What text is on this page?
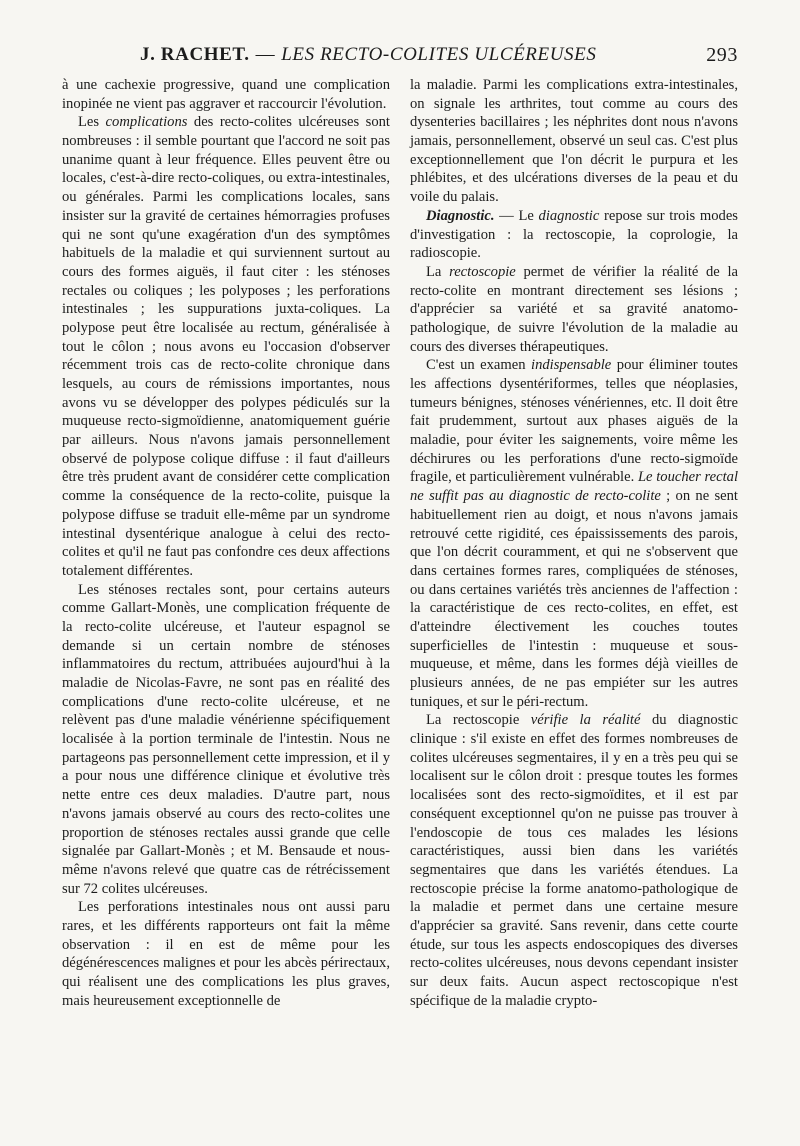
J. RACHET. — LES RECTO-COLITES ULCÉREUSES	293

à une cachexie progressive, quand une complication inopinée ne vient pas aggraver et raccourcir l'évolution.

Les complications des recto-colites ulcéreuses sont nombreuses : il semble pourtant que l'accord ne soit pas unanime quant à leur fréquence. Elles peuvent être ou locales, c'est-à-dire recto-coliques, ou extra-intestinales, ou générales. Parmi les complications locales, sans insister sur la gravité de certaines hémorragies profuses qui ne sont qu'une exagération d'un des symptômes habituels de la maladie et qui surviennent surtout au cours des formes aiguës, il faut citer : les sténoses rectales ou coliques ; les polyposes ; les perforations intestinales ; les suppurations juxta-coliques. La polypose peut être localisée au rectum, généralisée à tout le côlon ; nous avons eu l'occasion d'observer récemment trois cas de recto-colite chronique dans lesquels, au cours de rémissions importantes, nous avons vu se développer des polypes pédiculés sur la muqueuse recto-sigmoïdienne, anatomiquement guérie par ailleurs. Nous n'avons jamais personnellement observé de polypose colique diffuse : il faut d'ailleurs être très prudent avant de considérer cette complication comme la conséquence de la recto-colite, puisque la polypose diffuse se traduit elle-même par un syndrome intestinal dysentérique analogue à celui des recto-colites et qu'il ne faut pas confondre ces deux affections totalement différentes.

Les sténoses rectales sont, pour certains auteurs comme Gallart-Monès, une complication fréquente de la recto-colite ulcéreuse, et l'auteur espagnol se demande si un certain nombre de sténoses inflammatoires du rectum, attribuées aujourd'hui à la maladie de Nicolas-Favre, ne sont pas en réalité des complications d'une recto-colite ulcéreuse, et ne relèvent pas d'une maladie vénérienne spécifiquement localisée à la portion terminale de l'intestin. Nous ne partageons pas personnellement cette impression, et il y a pour nous une différence clinique et évolutive très nette entre ces deux maladies. D'autre part, nous n'avons jamais observé au cours des recto-colites une proportion de sténoses rectales aussi grande que celle signalée par Gallart-Monès ; et M. Bensaude et nous-même n'avons relevé que quatre cas de rétrécissement sur 72 colites ulcéreuses.

Les perforations intestinales nous ont aussi paru rares, et les différents rapporteurs ont fait la même observation : il en est de même pour les dégénérescences malignes et pour les abcès périrectaux, qui réalisent une des complications les plus graves, mais heureusement exceptionnelle de

la maladie. Parmi les complications extra-intestinales, on signale les arthrites, tout comme au cours des dysenteries bacillaires ; les néphrites dont nous n'avons jamais, personnellement, observé un seul cas. C'est plus exceptionnellement que l'on décrit le purpura et les phlébites, et des ulcérations diverses de la peau et du voile du palais.

Diagnostic. — Le diagnostic repose sur trois modes d'investigation : la rectoscopie, la coprologie, la radioscopie.

La rectoscopie permet de vérifier la réalité de la recto-colite en montrant directement ses lésions ; d'apprécier sa variété et sa gravité anatomo-pathologique, de suivre l'évolution de la maladie au cours des diverses thérapeutiques.

C'est un examen indispensable pour éliminer toutes les affections dysentériformes, telles que néoplasies, tumeurs bénignes, sténoses vénériennes, etc. Il doit être fait prudemment, surtout aux phases aiguës de la maladie, pour éviter les saignements, voire même les déchirures ou les perforations d'une recto-sigmoïde fragile, et particulièrement vulnérable. Le toucher rectal ne suffit pas au diagnostic de recto-colite ; on ne sent habituellement rien au doigt, et nous n'avons jamais retrouvé cette rigidité, ces épaississements des parois, que l'on décrit couramment, et qui ne s'observent que dans certaines formes rares, compliquées de sténoses, ou dans certaines variétés très anciennes de l'affection : la caractéristique de ces recto-colites, en effet, est d'atteindre électivement les couches toutes superficielles de l'intestin : muqueuse et sous-muqueuse, et même, dans les formes déjà vieilles de plusieurs années, de ne pas empiéter sur les autres tuniques, et sur le péri-rectum.

La rectoscopie vérifie la réalité du diagnostic clinique : s'il existe en effet des formes nombreuses de colites ulcéreuses segmentaires, il y en a très peu qui se localisent sur le côlon droit : presque toutes les formes localisées sont des recto-sigmoïdites, et il est par conséquent exceptionnel qu'on ne puisse pas trouver à l'endoscopie de tous ces malades les lésions caractéristiques, aussi bien dans les variétés segmentaires que dans les variétés étendues. La rectoscopie précise la forme anatomo-pathologique de la maladie et permet dans une certaine mesure d'apprécier sa gravité. Sans revenir, dans cette courte étude, sur tous les aspects endoscopiques des diverses recto-colites ulcéreuses, nous devons cependant insister sur deux faits. Aucun aspect rectoscopique n'est spécifique de la maladie crypto-
